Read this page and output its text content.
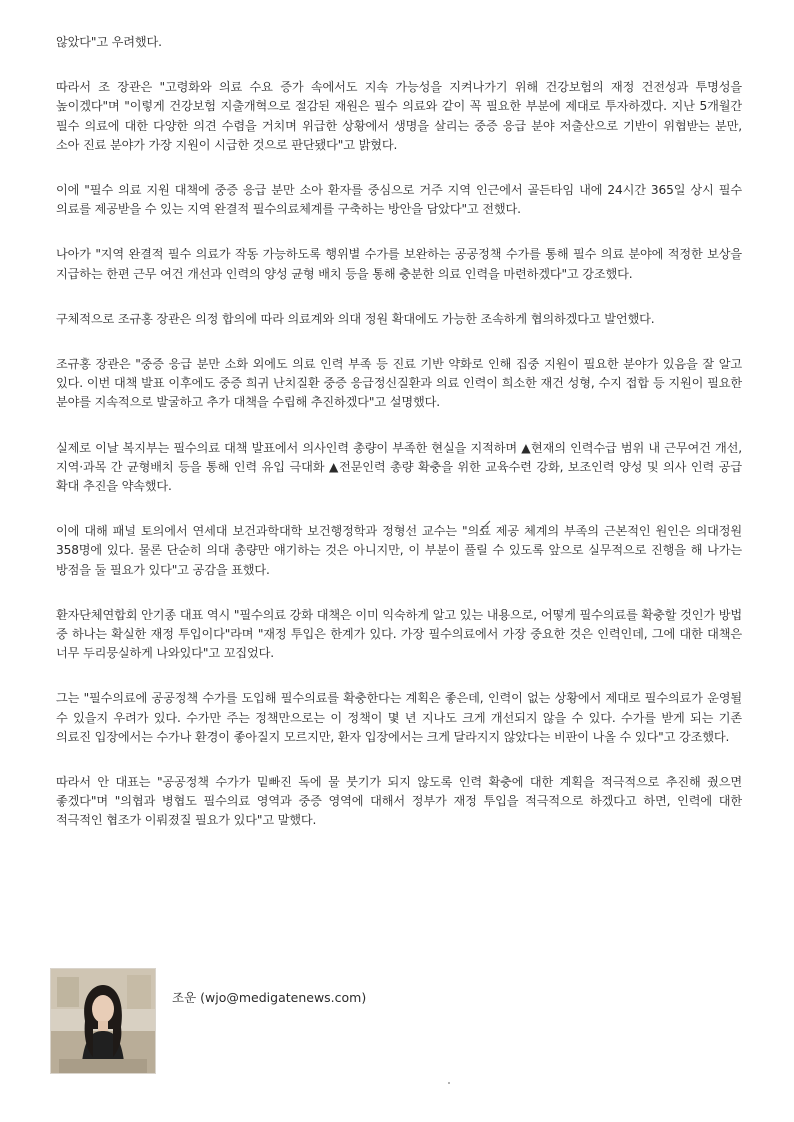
않았다"고 우려했다.

따라서 조 장관은 "고령화와 의료 수요 증가 속에서도 지속 가능성을 지켜나가기 위해 건강보험의 재정 건전성과 투명성을 높이겠다"며 "이렇게 건강보험 지출개혁으로 절감된 재원은 필수 의료와 같이 꼭 필요한 부분에 제대로 투자하겠다. 지난 5개월간 필수 의료에 대한 다양한 의견 수렴을 거치며 위급한 상황에서 생명을 살리는 중증 응급 분야 저출산으로 기반이 위협받는 분만, 소아 진료 분야가 가장 지원이 시급한 것으로 판단됐다"고 밝혔다.

이에 "필수 의료 지원 대책에 중증 응급 분만 소아 환자를 중심으로 거주 지역 인근에서 골든타임 내에 24시간 365일 상시 필수 의료를 제공받을 수 있는 지역 완결적 필수의료체계를 구축하는 방안을 담았다"고 전했다.

나아가 "지역 완결적 필수 의료가 작동 가능하도록 행위별 수가를 보완하는 공공정책 수가를 통해 필수 의료 분야에 적정한 보상을 지급하는 한편 근무 여건 개선과 인력의 양성 균형 배치 등을 통해 충분한 의료 인력을 마련하겠다"고 강조했다.

구체적으로 조규홍 장관은 의정 합의에 따라 의료계와 의대 정원 확대에도 가능한 조속하게 협의하겠다고 발언했다.

조규홍 장관은 "중증 응급 분만 소화 외에도 의료 인력 부족 등 진료 기반 약화로 인해 집중 지원이 필요한 분야가 있음을 잘 알고 있다. 이번 대책 발표 이후에도 중증 희귀 난치질환 중증 응급정신질환과 의료 인력이 희소한 재건 성형, 수지 접합 등 지원이 필요한 분야를 지속적으로 발굴하고 추가 대책을 수립해 추진하겠다"고 설명했다.

실제로 이날 복지부는 필수의료 대책 발표에서 의사인력 총량이 부족한 현실을 지적하며 ▲현재의 인력수급 범위 내 근무여건 개선, 지역·과목 간 균형배치 등을 통해 인력 유입 극대화 ▲전문인력 총량 확충을 위한 교육수련 강화, 보조인력 양성 및 의사 인력 공급 확대 추진을 약속했다.

이에 대해 패널 토의에서 연세대 보건과학대학 보건행정학과 정형선 교수는 "의료 제공 체계의 부족의 근본적인 원인은 의대정원 358명에 있다. 물론 단순히 의대 총량만 얘기하는 것은 아니지만, 이 부분이 풀릴 수 있도록 앞으로 실무적으로 진행을 해 나가는 방점을 둘 필요가 있다"고 공감을 표했다.

환자단체연합회 안기종 대표 역시 "필수의료 강화 대책은 이미 익숙하게 알고 있는 내용으로, 어떻게 필수의료를 확충할 것인가 방법 중 하나는 확실한 재정 투입이다"라며 "재정 투입은 한계가 있다. 가장 필수의료에서 가장 중요한 것은 인력인데, 그에 대한 대책은 너무 두리뭉실하게 나와있다"고 꼬집었다.

그는 "필수의료에 공공정책 수가를 도입해 필수의료를 확충한다는 계획은 좋은데, 인력이 없는 상황에서 제대로 필수의료가 운영될 수 있을지 우려가 있다. 수가만 주는 정책만으로는 이 정책이 몇 년 지나도 크게 개선되지 않을 수 있다. 수가를 받게 되는 기존 의료진 입장에서는 수가나 환경이 좋아질지 모르지만, 환자 입장에서는 크게 달라지지 않았다는 비판이 나올 수 있다"고 강조했다.

따라서 안 대표는 "공공정책 수가가 밑빠진 독에 물 붓기가 되지 않도록 인력 확충에 대한 계획을 적극적으로 추진해 줬으면 좋겠다"며 "의협과 병협도 필수의료 영역과 중증 영역에 대해서 정부가 재정 투입을 적극적으로 하겠다고 하면, 인력에 대한 적극적인 협조가 이뤄졌질 필요가 있다"고 말했다.

조운 (wjo@medigatenews.com)
